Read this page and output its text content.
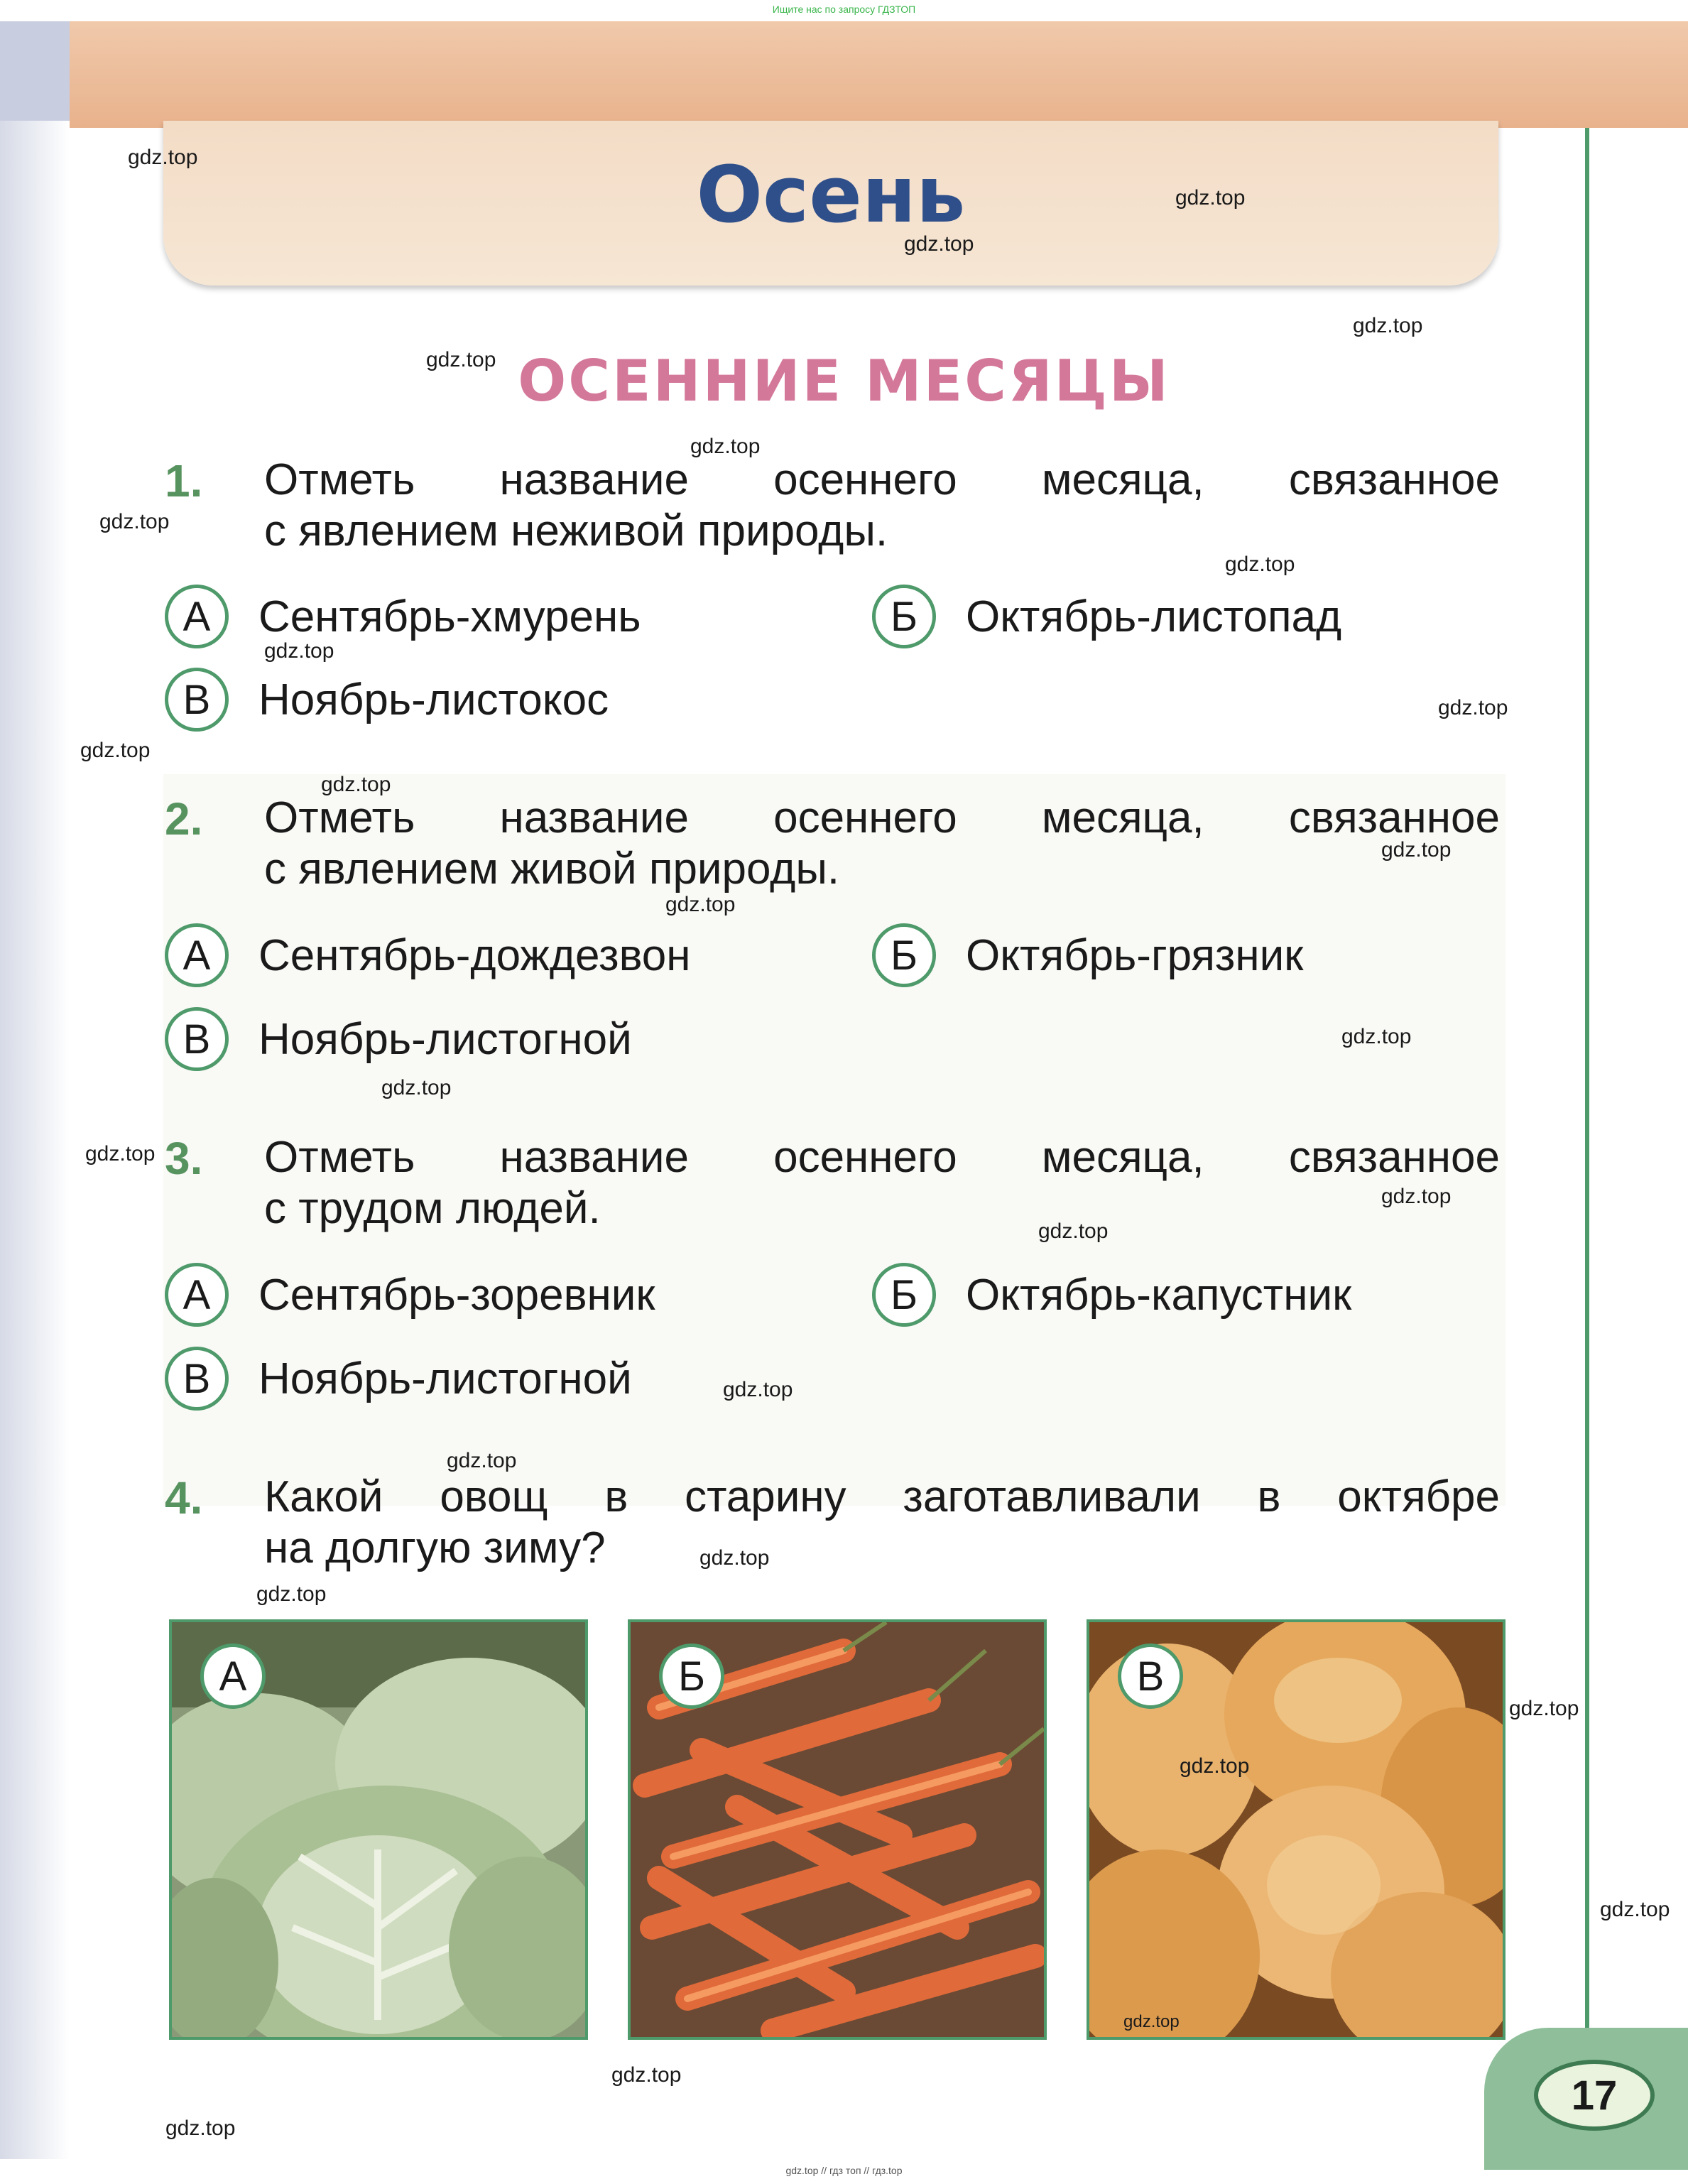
Ищите нас по запросу ГДЗТОП
Осень
ОСЕННИЕ МЕСЯЦЫ
1. Отметь название осеннего месяца, связанное
с явлением неживой природы.
А	Сентябрь-хмурень	Б	Октябрь-листопад
В	Ноябрь-листокос
2. Отметь название осеннего месяца, связанное
с явлением живой природы.
А	Сентябрь-дождезвон	Б	Октябрь-грязник
В	Ноябрь-листогной
3. Отметь название осеннего месяца, связанное
с трудом людей.
А	Сентябрь-зоревник	Б	Октябрь-капустник
В	Ноябрь-листогной
4. Какой овощ в старину заготавливали в октябре
на долгую зиму?
А	Б	В
gdz.top
gdz.top
gdz.top
gdz.top
gdz.top
gdz.top
gdz.top
gdz.top
gdz.top
gdz.top
gdz.top
gdz.top
gdz.top
gdz.top
gdz.top
gdz.top
gdz.top
gdz.top
gdz.top
gdz.top
gdz.top
gdz.top
gdz.top
gdz.top
gdz.top
gdz.top
gdz.top
gdz.top
gdz.top
17
gdz.top // гдз топ // гдз.top
